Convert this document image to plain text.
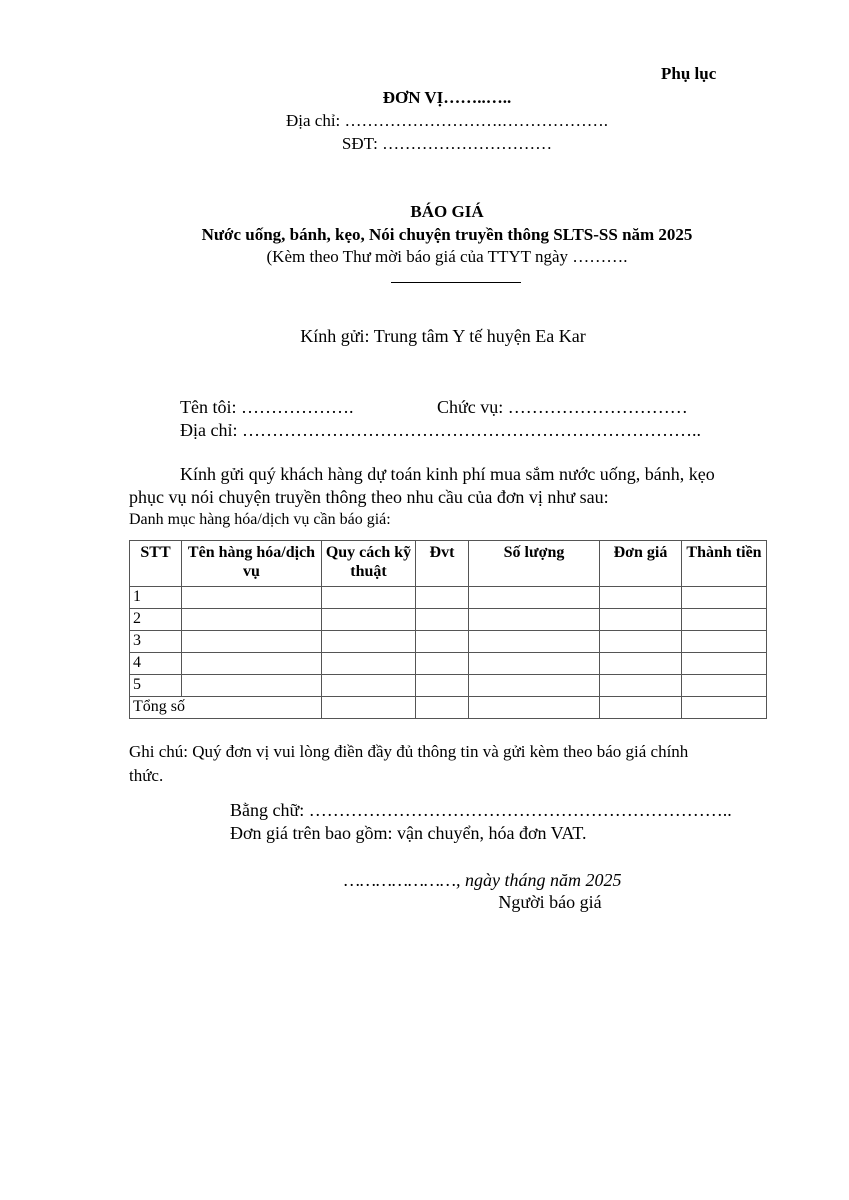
Phụ lục
ĐƠN VỊ……..…..
Địa chỉ: ……………………….……………….
SĐT: …………………………
BÁO GIÁ
Nước uống, bánh, kẹo, Nói chuyện truyền thông SLTS-SS năm 2025
(Kèm theo Thư mời báo giá của TTYT ngày ……….
Kính gửi: Trung tâm Y tế huyện Ea Kar
Tên tôi: ……………….	Chức vụ: …………………………
Địa chỉ: …………………………………………………………………..
Kính gửi quý khách hàng dự toán kinh phí mua sắm nước uống, bánh, kẹo
phục vụ nói chuyện truyền thông theo nhu cầu của đơn vị như sau:
Danh mục hàng hóa/dịch vụ cần báo giá:
STT	Tên hàng hóa/dịch vụ	Quy cách kỹ thuật	Đvt	Số lượng	Đơn giá	Thành tiền
1						
2						
3						
4						
5						
Tổng số						
Ghi chú: Quý đơn vị vui lòng điền đầy đủ thông tin và gửi kèm theo báo giá chính
thức.
Bằng chữ: ……………………………………………………………..
Đơn giá trên bao gồm: vận chuyển, hóa đơn VAT.
…………………, ngày tháng năm 2025
Người báo giá
